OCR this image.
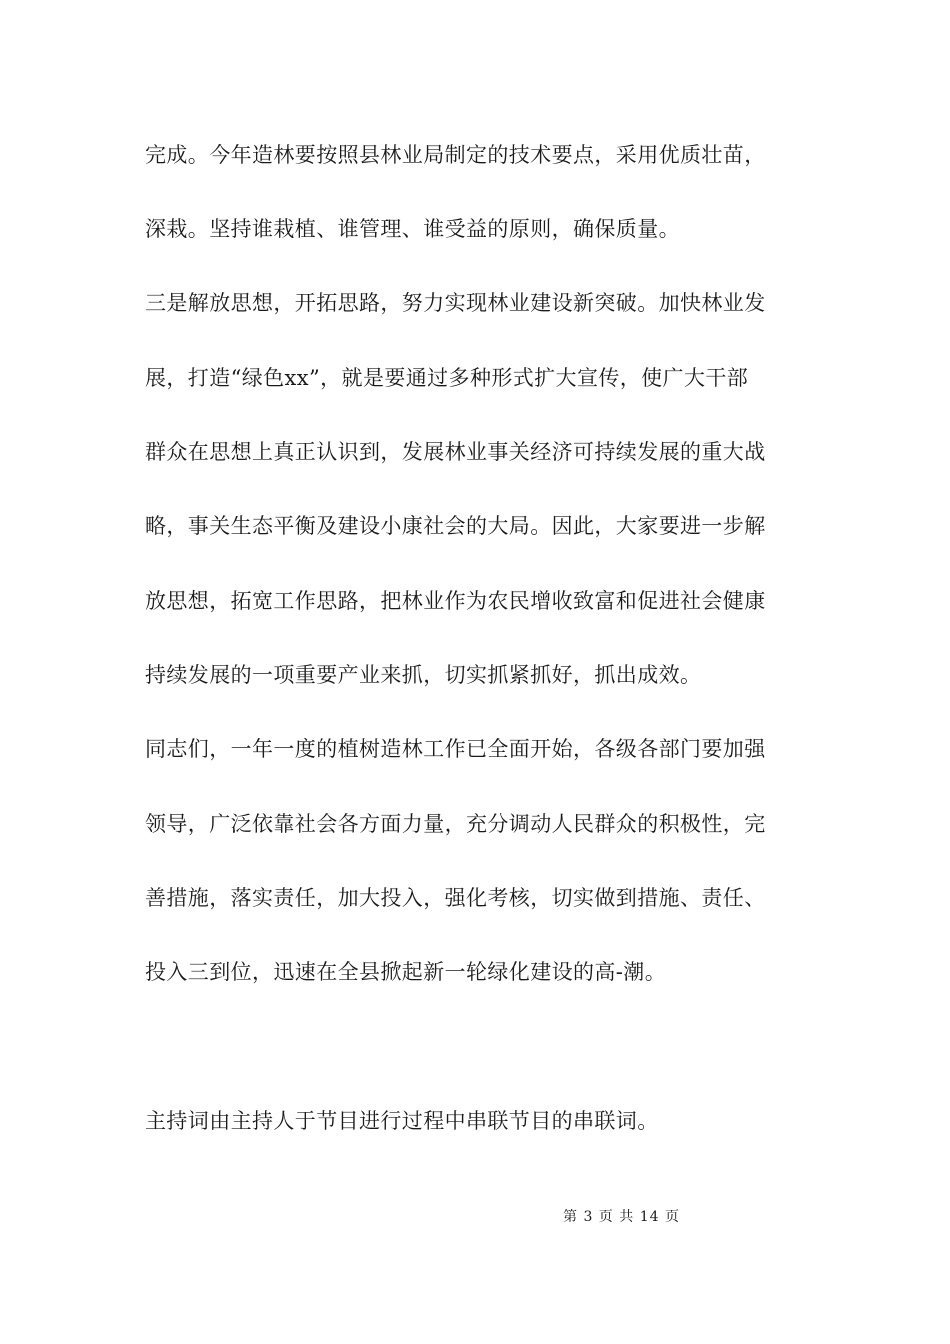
完成。今年造林要按照县林业局制定的技术要点，采用优质壮苗，
深栽。坚持谁栽植、谁管理、谁受益的原则，确保质量。
三是解放思想，开拓思路，努力实现林业建设新突破。加快林业发
展，打造“绿色xx”，就是要通过多种形式扩大宣传，使广大干部
群众在思想上真正认识到，发展林业事关经济可持续发展的重大战
略，事关生态平衡及建设小康社会的大局。因此，大家要进一步解
放思想，拓宽工作思路，把林业作为农民增收致富和促进社会健康
持续发展的一项重要产业来抓，切实抓紧抓好，抓出成效。
同志们，一年一度的植树造林工作已全面开始，各级各部门要加强
领导，广泛依靠社会各方面力量，充分调动人民群众的积极性，完
善措施，落实责任，加大投入，强化考核，切实做到措施、责任、
投入三到位，迅速在全县掀起新一轮绿化建设的高-潮。
主持词由主持人于节目进行过程中串联节目的串联词。
第 3 页 共 14 页
